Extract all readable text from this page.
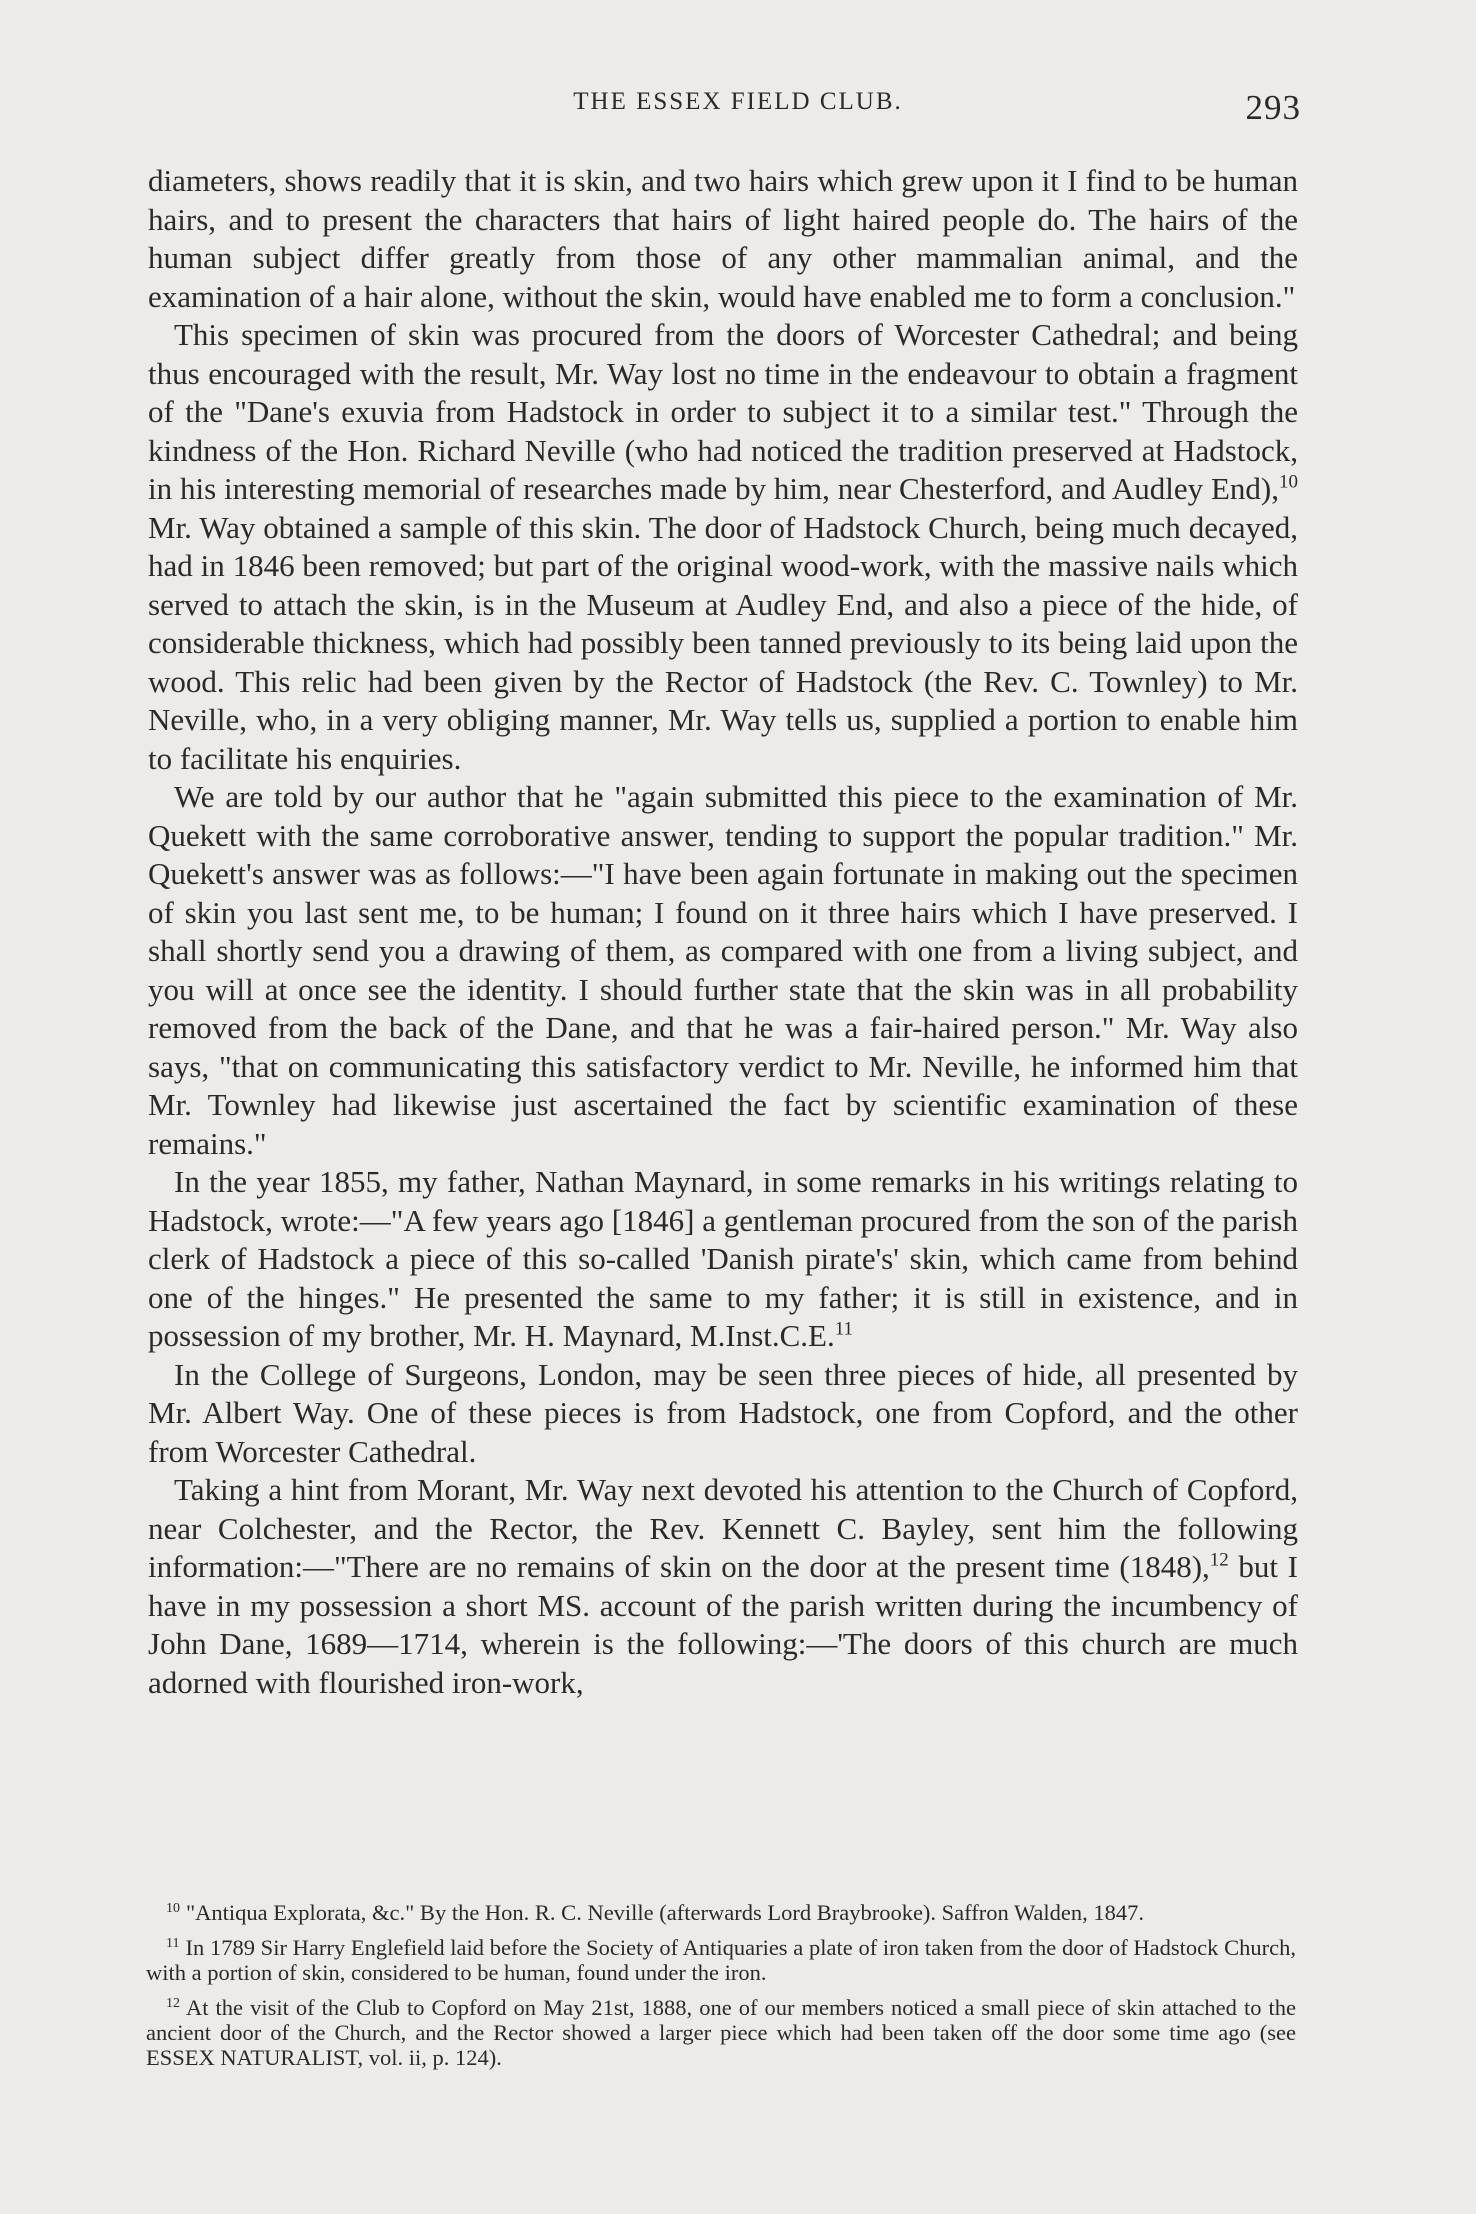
THE ESSEX FIELD CLUB.	293

diameters, shows readily that it is skin, and two hairs which grew upon it I find to be human hairs, and to present the characters that hairs of light haired people do. The hairs of the human subject differ greatly from those of any other mammalian animal, and the examination of a hair alone, without the skin, would have enabled me to form a conclusion."

This specimen of skin was procured from the doors of Worcester Cathedral; and being thus encouraged with the result, Mr. Way lost no time in the endeavour to obtain a fragment of the "Dane's exuvia from Hadstock in order to subject it to a similar test." Through the kindness of the Hon. Richard Neville (who had noticed the tradition preserved at Hadstock, in his interesting memorial of researches made by him, near Chesterford, and Audley End),$^{10}$ Mr. Way obtained a sample of this skin. The door of Hadstock Church, being much decayed, had in 1846 been removed; but part of the original wood-work, with the massive nails which served to attach the skin, is in the Museum at Audley End, and also a piece of the hide, of considerable thickness, which had possibly been tanned previously to its being laid upon the wood. This relic had been given by the Rector of Hadstock (the Rev. C. Townley) to Mr. Neville, who, in a very obliging manner, Mr. Way tells us, supplied a portion to enable him to facilitate his enquiries.

We are told by our author that he "again submitted this piece to the examination of Mr. Quekett with the same corroborative answer, tending to support the popular tradition." Mr. Quekett's answer was as follows:—"I have been again fortunate in making out the specimen of skin you last sent me, to be human; I found on it three hairs which I have preserved. I shall shortly send you a drawing of them, as compared with one from a living subject, and you will at once see the identity. I should further state that the skin was in all probability removed from the back of the Dane, and that he was a fair-haired person." Mr. Way also says, "that on communicating this satisfactory verdict to Mr. Neville, he informed him that Mr. Townley had likewise just ascertained the fact by scientific examination of these remains."

In the year 1855, my father, Nathan Maynard, in some remarks in his writings relating to Hadstock, wrote:—"A few years ago [1846] a gentleman procured from the son of the parish clerk of Hadstock a piece of this so-called 'Danish pirate's' skin, which came from behind one of the hinges." He presented the same to my father; it is still in existence, and in possession of my brother, Mr. H. Maynard, M.Inst.C.E.$^{11}$

In the College of Surgeons, London, may be seen three pieces of hide, all presented by Mr. Albert Way. One of these pieces is from Hadstock, one from Copford, and the other from Worcester Cathedral.

Taking a hint from Morant, Mr. Way next devoted his attention to the Church of Copford, near Colchester, and the Rector, the Rev. Kennett C. Bayley, sent him the following information:—"There are no remains of skin on the door at the present time (1848),$^{12}$ but I have in my possession a short MS. account of the parish written during the incumbency of John Dane, 1689—1714, wherein is the following:—'The doors of this church are much adorned with flourished iron-work,

$^{10}$ "Antiqua Explorata, &c." By the Hon. R. C. Neville (afterwards Lord Braybrooke). Saffron Walden, 1847.

$^{11}$ In 1789 Sir Harry Englefield laid before the Society of Antiquaries a plate of iron taken from the door of Hadstock Church, with a portion of skin, considered to be human, found under the iron.

$^{12}$ At the visit of the Club to Copford on May 21st, 1888, one of our members noticed a small piece of skin attached to the ancient door of the Church, and the Rector showed a larger piece which had been taken off the door some time ago (see ESSEX NATURALIST, vol. ii, p. 124).
